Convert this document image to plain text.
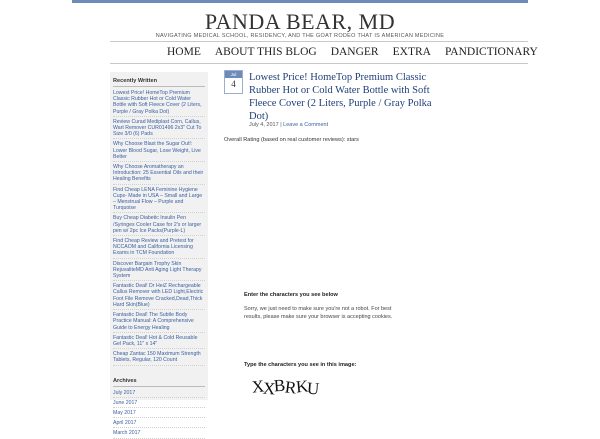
PANDA BEAR, MD
NAVIGATING MEDICAL SCHOOL, RESIDENCY, AND THE GOAT RODEO THAT IS AMERICAN MEDICINE
HOME	ABOUT THIS BLOG	DANGER	EXTRA	PANDICTIONARY
Recently Written
Lowest Price! HomeTop Premium Classic Rubber Hot or Cold Water Bottle with Soft Fleece Cover (2 Liters, Purple / Gray Polka Dot)
Review Curad Mediplast Corn, Callus, Wart Remover CUR01496 2x3" Cut To Size 3/0 (6) Pads
Why Choose Blast the Sugar Out!: Lower Blood Sugar, Lose Weight, Live Better
Why Choose Aromatherapy an Introduction: 25 Essential Oils and their Healing Benefits
Find Cheap LENA Feminine Hygiene Cups- Made in USA – Small and Large – Menstrual Flow – Purple and Turquoise
Buy Cheap Diabetic Insulin Pen /Syringes Cooler Case for 2's or larger pen w/ 2pc Ice Packs(Purple-L)
Find Cheap Review and Pretest for NCCAOM and California Licensing Exams in TCM Foundation
Discover Bargain Trophy Skin RejuvaliteMD Anti Aging Light Therapy System
Fantastic Deal! Dr HeiZ Rechargeable Callus Remover with LED Light,Electric Foot File Remove Cracked,Dead,Thick Hard Skin(Blue)
Fantastic Deal! The Subtle Body Practice Manual: A Comprehensive Guide to Energy Healing
Fantastic Deal! Hot & Cold Reusable Gel Pack, 11" x 14"
Cheap Zantac 150 Maximum Strength Tablets, Regular, 120 Count
Archives
July 2017
June 2017
May 2017
April 2017
March 2017
Jul
4
Lowest Price! HomeTop Premium Classic Rubber Hot or Cold Water Bottle with Soft Fleece Cover (2 Liters, Purple / Gray Polka Dot)
July 4, 2017 | Leave a Comment
Overall Rating (based on real customer reviews): stars
Enter the characters you see below
Sorry, we just need to make sure you're not a robot. For best results, please make sure your browser is accepting cookies.
Type the characters you see in this image:
X
X
B
R
K
U
